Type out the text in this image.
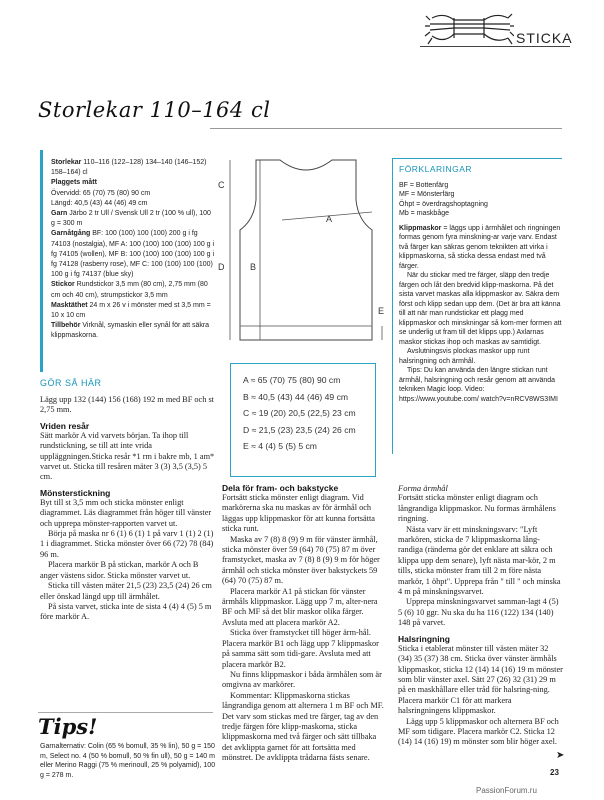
STICKA
Storlekar 110–164 cl

Storlekar 110–116 (122–128) 134–140 (146–152) 158–164) cl

Plaggets mått

Övervidd: 65 (70) 75 (80) 90 cm

Längd: 40,5 (43) 44 (46) 49 cm

Garn Järbo 2 tr Ull / Svensk Ull 2 tr (100 % ull), 100 g = 300 m

Garnåtgång BF: 100 (100) 100 (100) 200 g i fg 74103 (nostalgia), MF A: 100 (100) 100 (100) 100 g i fg 74105 (wollen), MF B: 100 (100) 100 (100) 100 g i fg 74128 (rasberry rose), MF C: 100 (100) 100 (100) 100 g i fg 74137 (blue sky)

Stickor Rundstickor 3,5 mm (80 cm), 2,75 mm (80 cm och 40 cm), strumpstickor 3,5 mm

Masktäthet 24 m x 26 v i mönster med st 3,5 mm = 10 x 10 cm

Tillbehör Virknål, symaskin eller synål för att säkra klippmaskorna.

C
A
D	B
E
A ≈ 65 (70) 75 (80) 90 cm
B ≈ 40,5 (43) 44 (46) 49 cm
C ≈ 19 (20) 20,5 (22,5) 23 cm
D ≈ 21,5 (23) 23,5 (24) 26 cm
E ≈ 4 (4) 5 (5) 5 cm
FÖRKLARINGAR

BF = Bottenfärg

MF = Mönsterfärg

Öhpt = överdragshoptagning

Mb = maskbåge

Klippmaskor = läggs upp i ärmhålet och ringningen formas genom fyra minskning-ar varje varv. Endast två färger kan säkras genom teknikten att virka i klippmaskorna, så sticka dessa endast med två färger.

När du stickar med tre färger, släpp den tredje färgen och låt den bredvid klipp-maskorna. På det sista varvet maskas alla klippmaskor av. Säkra dem först och klipp sedan upp dem. (Det är bra att känna till att när man rundstickar ett plagg med klippmaskor och minskningar så kom-mer formen att se underlig ut fram till det klipps upp.) Axlarnas maskor stickas ihop och maskas av samtidigt.

Avslutningsvis plockas maskor upp runt halsringning och ärmhål.

Tips: Du kan använda den längre stickan runt ärmhål, halsringning och resår genom att använda tekniken Magic loop. Video: https://www.youtube.com/ watch?v=nRCV8WS3IMI

GÖR SÅ HÄR

Lägg upp 132 (144) 156 (168) 192 m med BF och st 2,75 mm.

Vriden resår

Sätt markör A vid varvets början. Ta ihop till rundstickning, se till att inte vrida uppläggningen.Sticka resår *1 rm i bakre mb, 1 am* varvet ut. Sticka till resåren mäter 3 (3) 3,5 (3,5) 5 cm.

Mönsterstickning

Byt till st 3,5 mm och sticka mönster enligt diagrammet. Läs diagrammet från höger till vänster och upprepa mönster-rapporten varvet ut.

Börja på maska nr 6 (1) 6 (1) 1 på varv 1 (1) 2 (1) 1 i diagrammet. Sticka mönster över 66 (72) 78 (84) 96 m.

Placera markör B på stickan, markör A och B anger västens sidor. Sticka mönster varvet ut.

Sticka till västen mäter 21,5 (23) 23,5 (24) 26 cm eller önskad längd upp till ärmhålet.

På sista varvet, sticka inte de sista 4 (4) 4 (5) 5 m före markör A.

Dela för fram- och bakstycke

Fortsätt sticka mönster enligt diagram. Vid markörerna ska nu maskas av för ärmhål och läggas upp klippmaskor för att kunna fortsätta sticka runt.

Maska av 7 (8) 8 (9) 9 m för vänster ärmhål, sticka mönster över 59 (64) 70 (75) 87 m över framstycket, maska av 7 (8) 8 (9) 9 m för höger ärmhål och sticka mönster över bakstyckets 59 (64) 70 (75) 87 m.

Placera markör A1 på stickan för vänster ärmhåls klippmaskor. Lägg upp 7 m, alter-nera BF och MF så det blir maskor olika färger. Avsluta med att placera markör A2.

Sticka över framstycket till höger ärm-hål. Placera markör B1 och lägg upp 7 klippmaskor på samma sätt som tidi-gare. Avsluta med att placera markör B2.

Nu finns klippmaskor i båda ärmhålen som är omgivna av markörer.

Kommentar: Klippmaskorna stickas långrandiga genom att alternera 1 m BF och MF. Det varv som stickas med tre färger, tag av den tredje färgen före klipp-maskorna, sticka klippmaskorna med två färger och sätt tillbaka det avklippta garnet för att fortsätta med mönstret. De avklippta trådarna fästs senare.

Forma ärmhål

Fortsätt sticka mönster enligt diagram och långrandiga klippmaskor. Nu formas ärmhålens ringning.

Nästa varv är ett minskningsvarv: "Lyft markören, sticka de 7 klippmaskorna lång-randiga (ränderna gör det enklare att säkra och klippa upp dem senare), lyft nästa mar-kör, 2 m tills, sticka mönster fram till 2 m före nästa markör, 1 öhpt". Upprepa från " till " och minska 4 m på minskningsvarvet.

Upprepa minskningsvarvet samman-lagt 4 (5) 5 (6) 10 ggr. Nu ska du ha 116 (122) 134 (140) 148 på varvet.

Halsringning

Sticka i etablerat mönster till västen mäter 32 (34) 35 (37) 38 cm. Sticka över vänster ärmhåls klippmaskor, sticka 12 (14) 14 (16) 19 m mönster som blir vänster axel. Sätt 27 (26) 32 (31) 29 m på en maskhållare eller tråd för halsring-ning. Placera markör C1 för att markera halsringningens klippmaskor.

Lägg upp 5 klippmaskor och alternera BF och MF som tidigare. Placera markör C2. Sticka 12 (14) 14 (16) 19) m mönster som blir höger axel.

Tips!
Garnalternativ: Colin (65 % bomull, 35 % lin), 50 g = 150 m, Select no. 4 (50 % bomull, 50 % fin ull), 50 g = 140 m eller Merino Raggi (75 % merinoull, 25 % polyamid), 100 g = 278 m.
➤
23
PassionForum.ru
